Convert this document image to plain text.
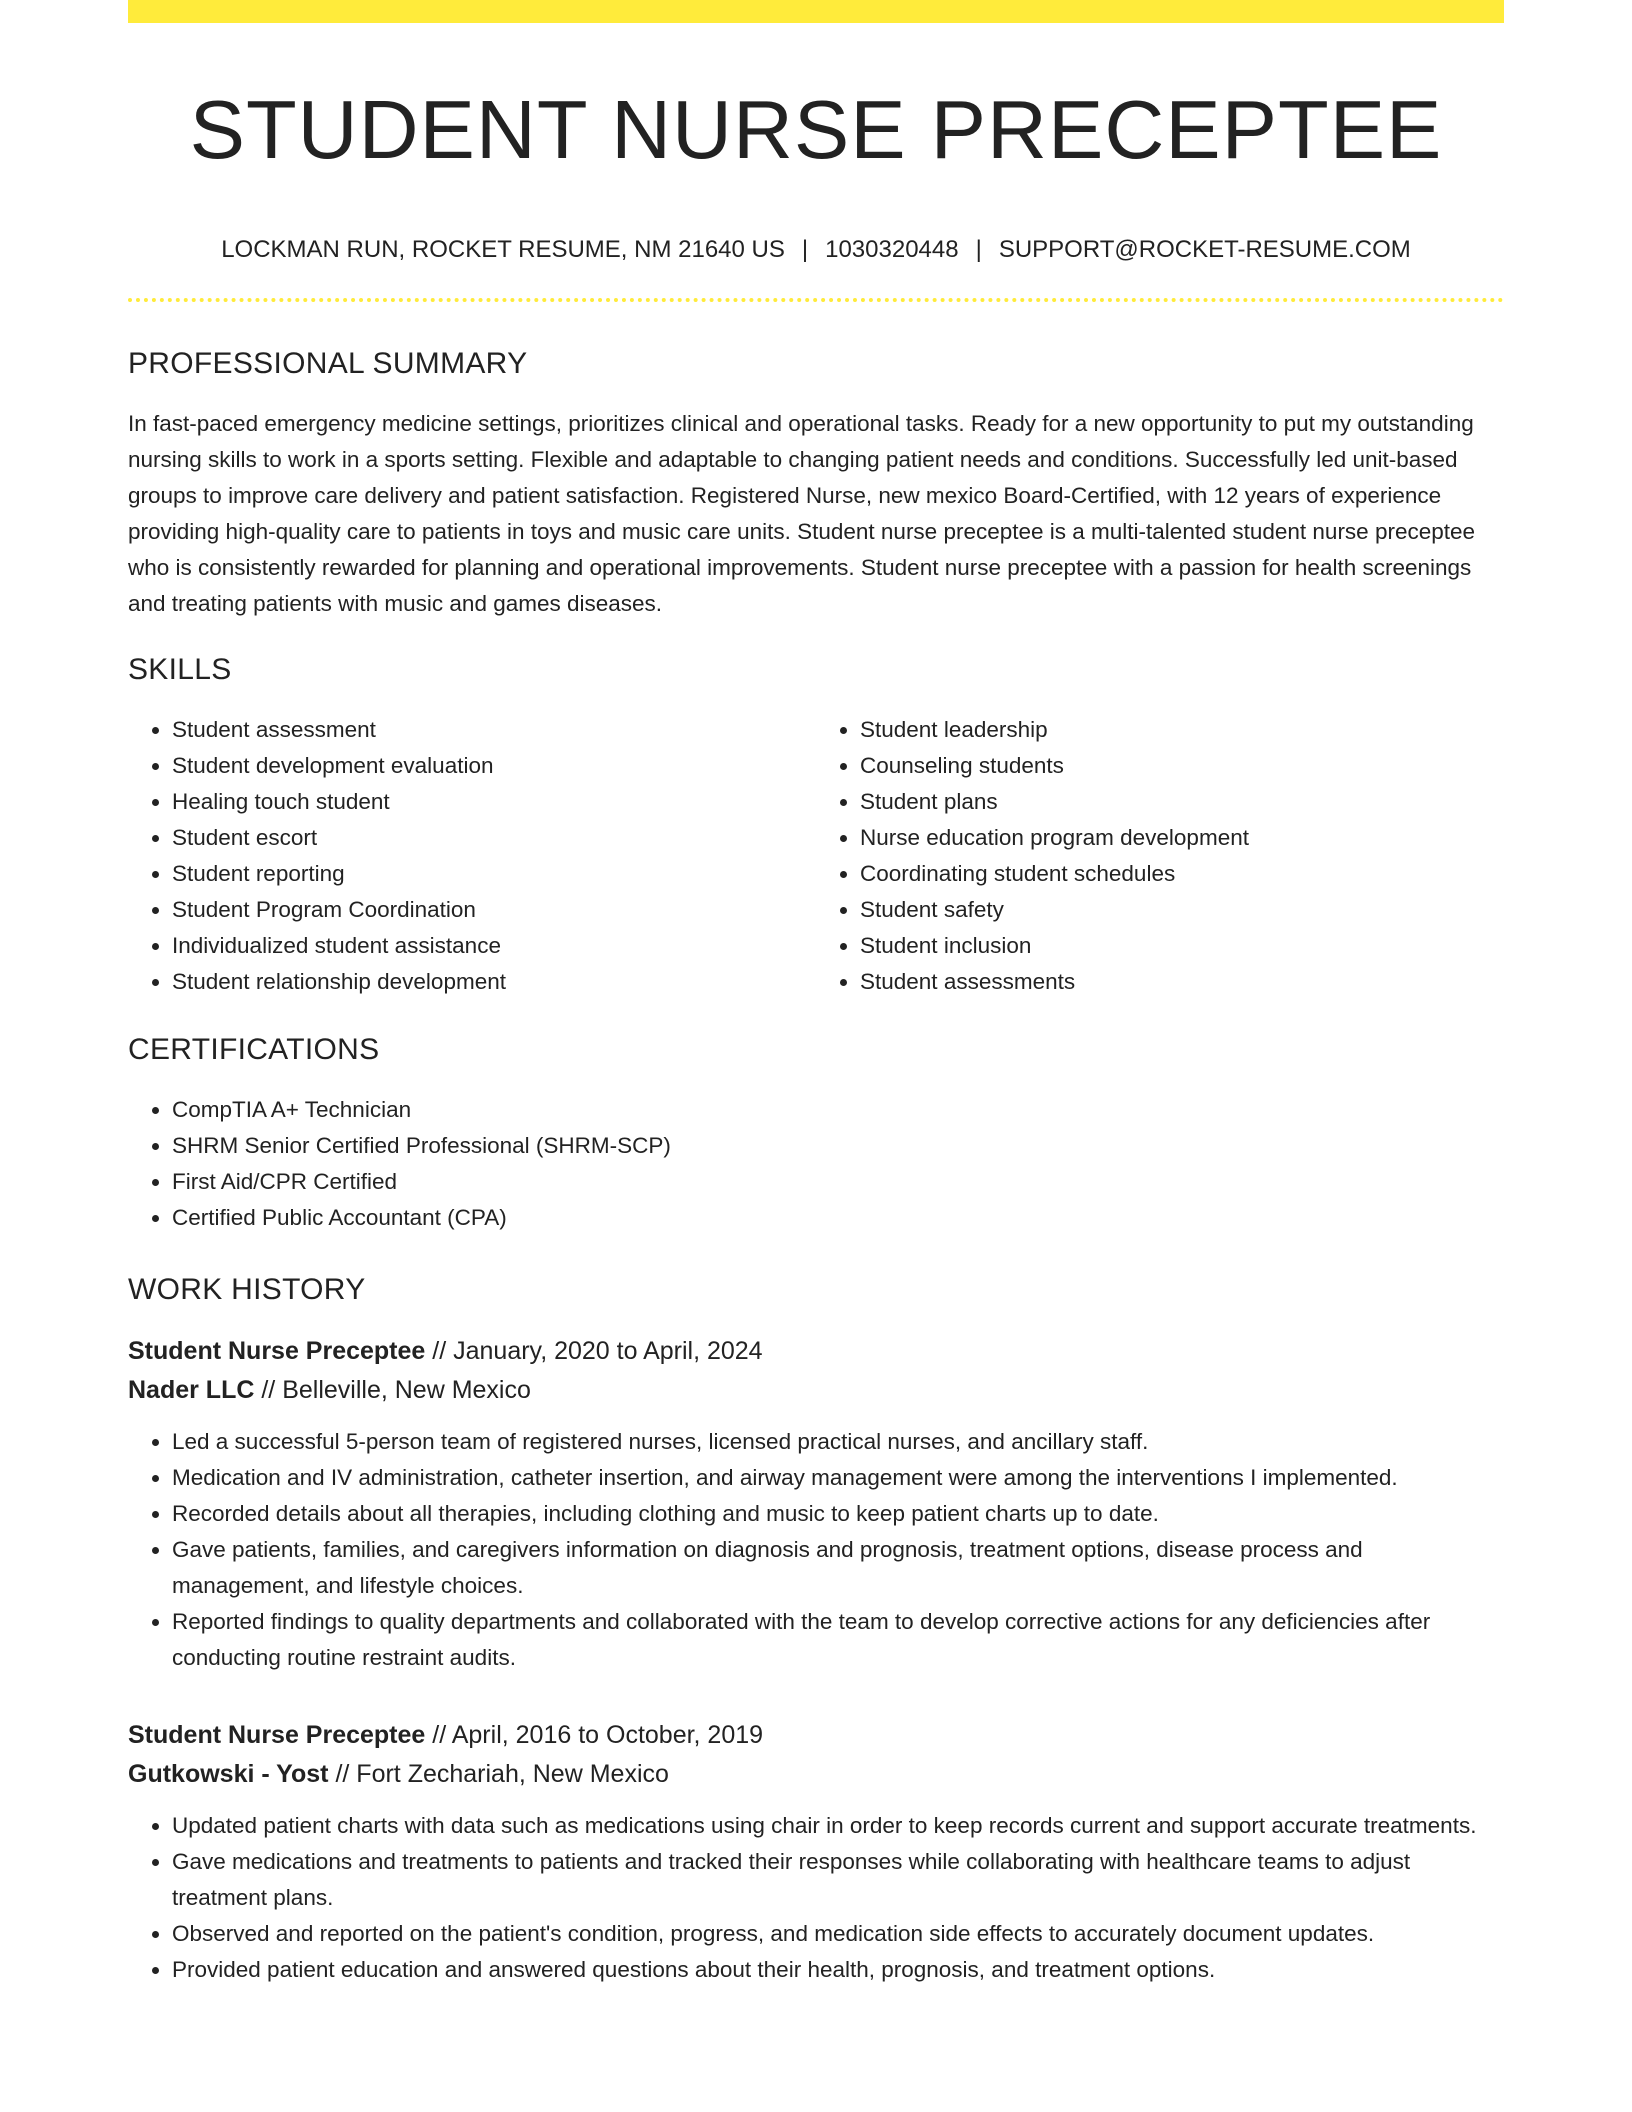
STUDENT NURSE PRECEPTEE
LOCKMAN RUN, ROCKET RESUME, NM 21640 US | 1030320448 | SUPPORT@ROCKET-RESUME.COM
PROFESSIONAL SUMMARY

In fast-paced emergency medicine settings, prioritizes clinical and operational tasks. Ready for a new opportunity to put my outstanding nursing skills to work in a sports setting. Flexible and adaptable to changing patient needs and conditions. Successfully led unit-based groups to improve care delivery and patient satisfaction. Registered Nurse, new mexico Board-Certified, with 12 years of experience providing high-quality care to patients in toys and music care units. Student nurse preceptee is a multi-talented student nurse preceptee who is consistently rewarded for planning and operational improvements. Student nurse preceptee with a passion for health screenings and treating patients with music and games diseases.

SKILLS
• Student assessment
• Student development evaluation
• Healing touch student
• Student escort
• Student reporting
• Student Program Coordination
• Individualized student assistance
• Student relationship development
• Student leadership
• Counseling students
• Student plans
• Nurse education program development
• Coordinating student schedules
• Student safety
• Student inclusion
• Student assessments
CERTIFICATIONS
• CompTIA A+ Technician
• SHRM Senior Certified Professional (SHRM-SCP)
• First Aid/CPR Certified
• Certified Public Accountant (CPA)
WORK HISTORY
Student Nurse Preceptee // January, 2020 to April, 2024
Nader LLC // Belleville, New Mexico
• Led a successful 5-person team of registered nurses, licensed practical nurses, and ancillary staff.
• Medication and IV administration, catheter insertion, and airway management were among the interventions I implemented.
• Recorded details about all therapies, including clothing and music to keep patient charts up to date.
• Gave patients, families, and caregivers information on diagnosis and prognosis, treatment options, disease process and management, and lifestyle choices.
• Reported findings to quality departments and collaborated with the team to develop corrective actions for any deficiencies after conducting routine restraint audits.
Student Nurse Preceptee // April, 2016 to October, 2019
Gutkowski - Yost // Fort Zechariah, New Mexico
• Updated patient charts with data such as medications using chair in order to keep records current and support accurate treatments.
• Gave medications and treatments to patients and tracked their responses while collaborating with healthcare teams to adjust treatment plans.
• Observed and reported on the patient's condition, progress, and medication side effects to accurately document updates.
• Provided patient education and answered questions about their health, prognosis, and treatment options.
